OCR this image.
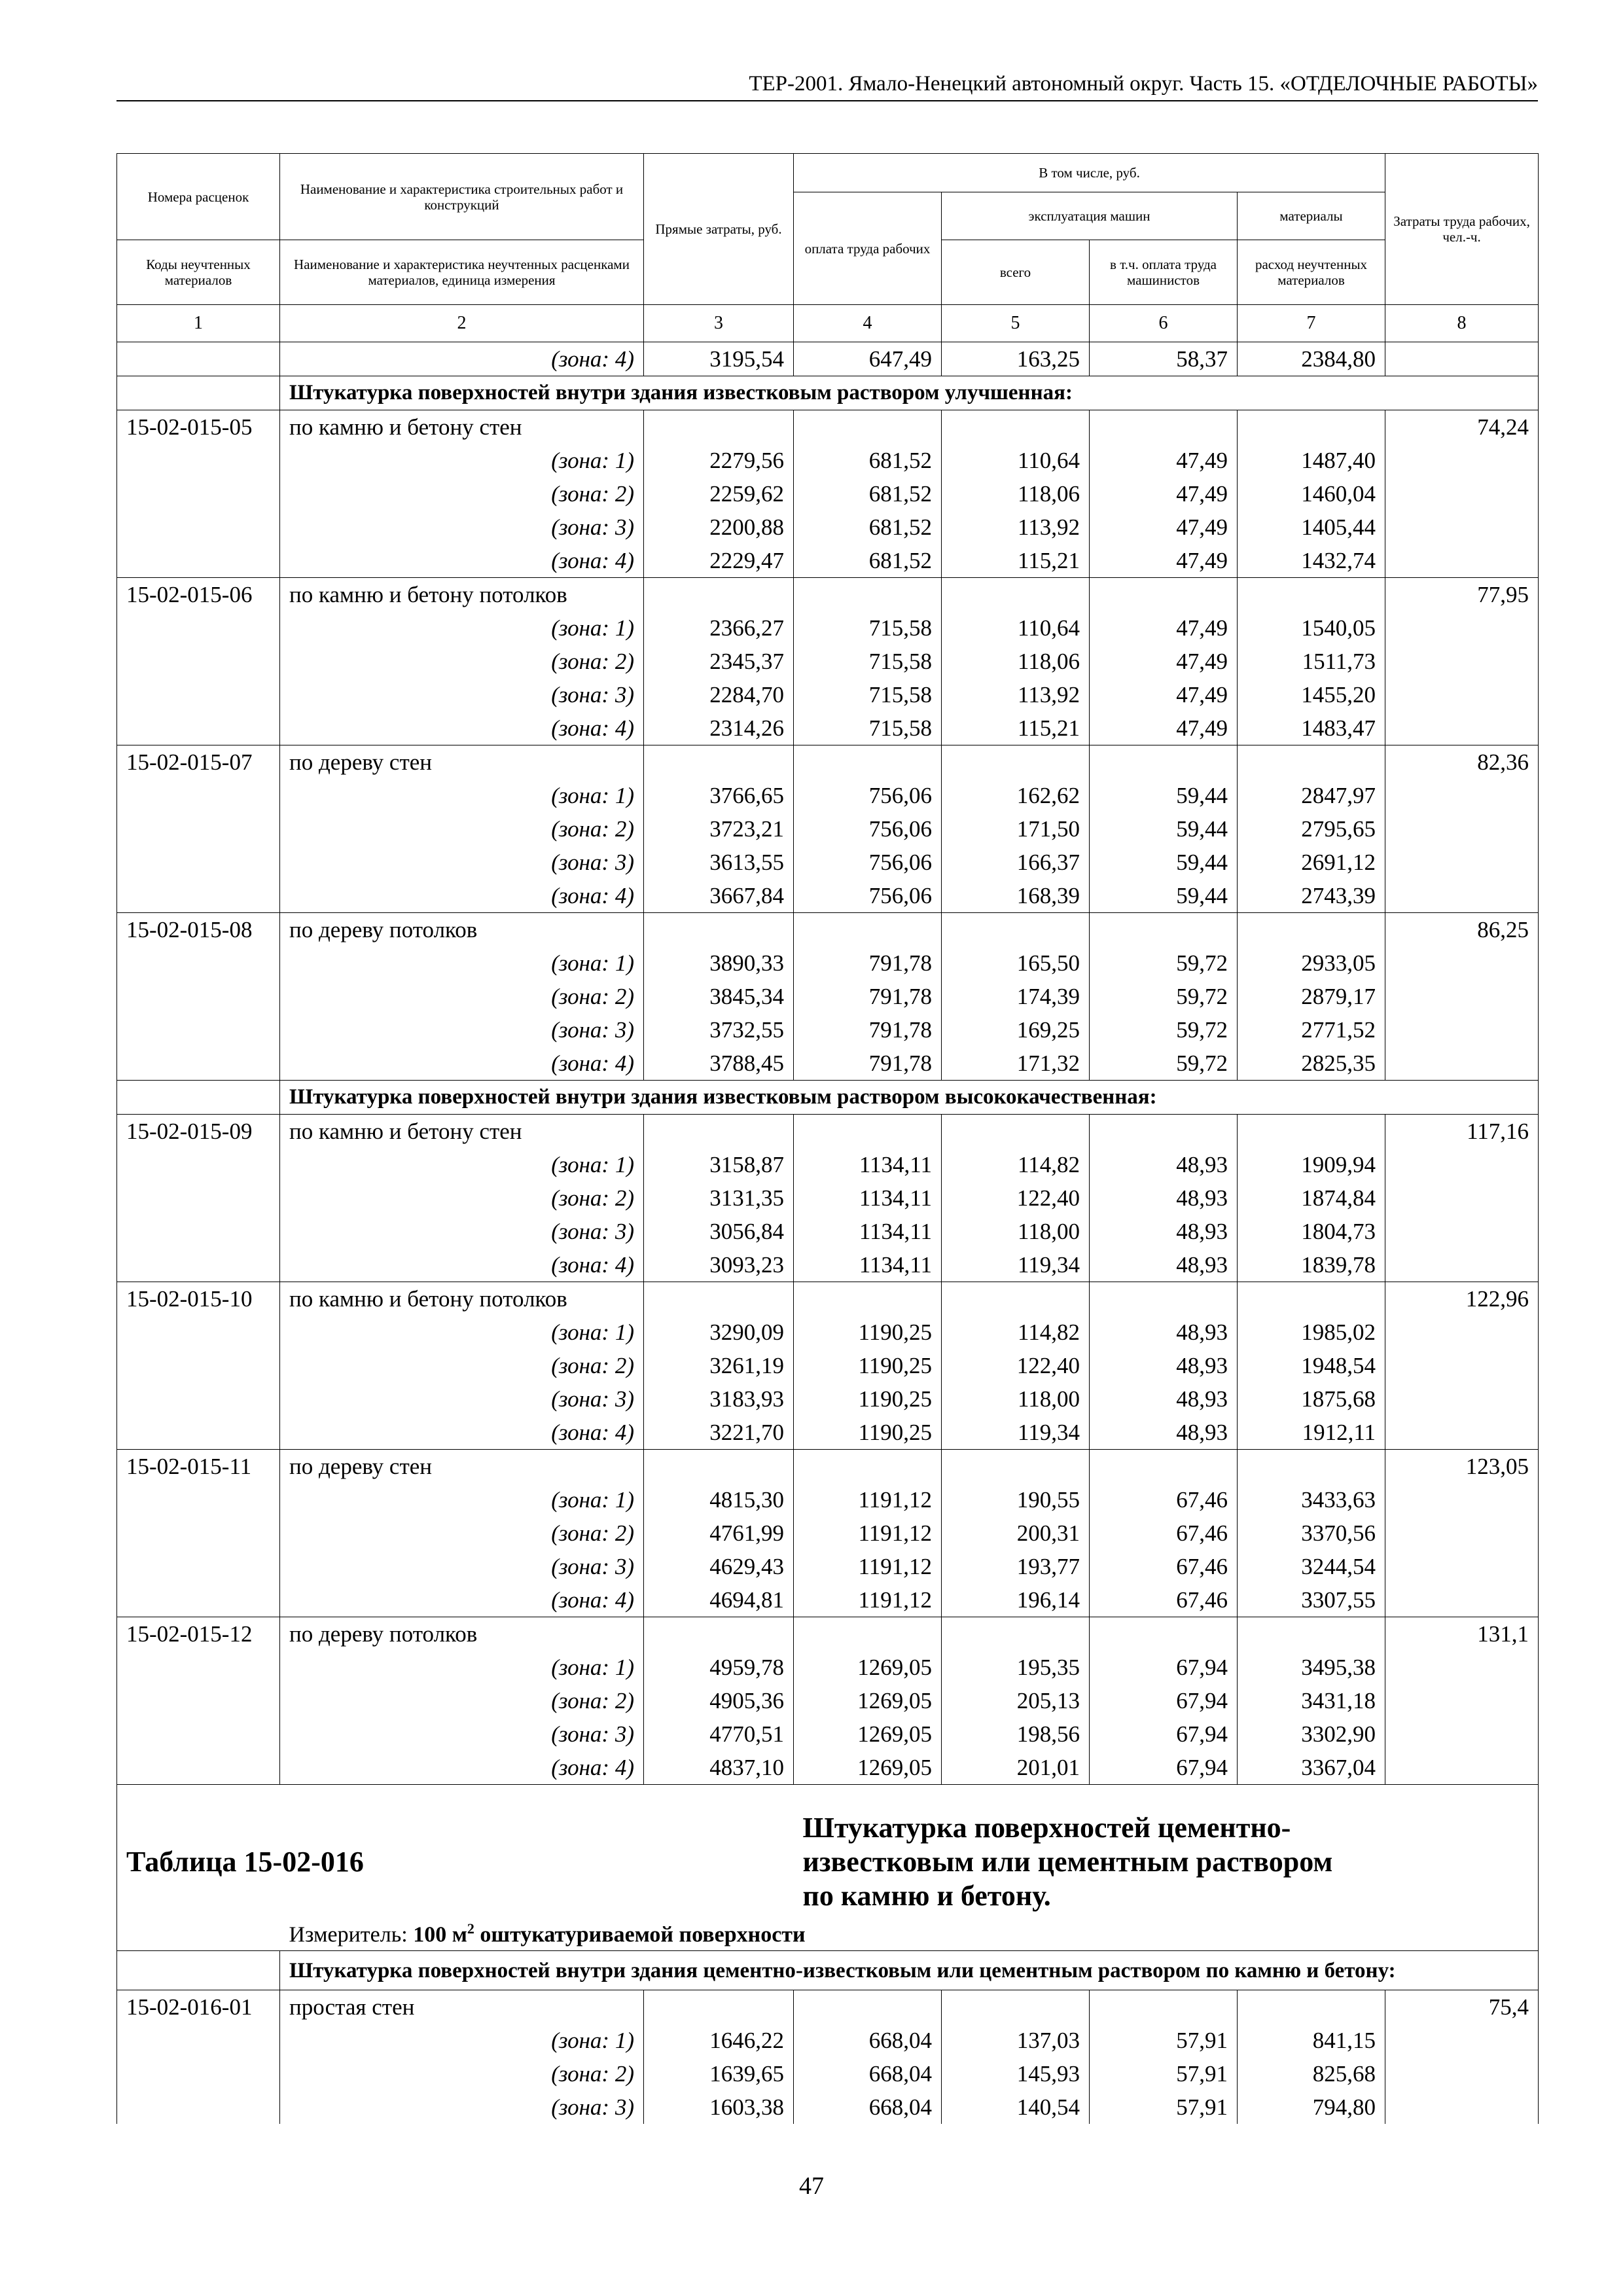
ТЕР-2001. Ямало-Ненецкий автономный округ. Часть 15. «ОТДЕЛОЧНЫЕ РАБОТЫ»
Номера расценок	Наименование и характеристика строительных работ и конструкций	Прямые затраты, руб.	В том числе, руб.				Затраты труда рабочих, чел.-ч.
			оплата труда рабочих	эксплуатация машин		материалы	
Коды неучтенных материалов	Наименование и характеристика неучтенных расценками материалов, единица измерения			всего	в т.ч. оплата труда машинистов	расход неучтенных материалов	
1	2	3	4	5	6	7	8
	(зона: 4)	3195,54	647,49	163,25	58,37	2384,80	
	Штукатурка поверхностей внутри здания известковым раствором улучшенная:						
15-02-015-05	по камню и бетону стен						74,24
	(зона: 1)	2279,56	681,52	110,64	47,49	1487,40	
	(зона: 2)	2259,62	681,52	118,06	47,49	1460,04	
	(зона: 3)	2200,88	681,52	113,92	47,49	1405,44	
	(зона: 4)	2229,47	681,52	115,21	47,49	1432,74	
15-02-015-06	по камню и бетону потолков						77,95
	(зона: 1)	2366,27	715,58	110,64	47,49	1540,05	
	(зона: 2)	2345,37	715,58	118,06	47,49	1511,73	
	(зона: 3)	2284,70	715,58	113,92	47,49	1455,20	
	(зона: 4)	2314,26	715,58	115,21	47,49	1483,47	
15-02-015-07	по дереву стен						82,36
	(зона: 1)	3766,65	756,06	162,62	59,44	2847,97	
	(зона: 2)	3723,21	756,06	171,50	59,44	2795,65	
	(зона: 3)	3613,55	756,06	166,37	59,44	2691,12	
	(зона: 4)	3667,84	756,06	168,39	59,44	2743,39	
15-02-015-08	по дереву потолков						86,25
	(зона: 1)	3890,33	791,78	165,50	59,72	2933,05	
	(зона: 2)	3845,34	791,78	174,39	59,72	2879,17	
	(зона: 3)	3732,55	791,78	169,25	59,72	2771,52	
	(зона: 4)	3788,45	791,78	171,32	59,72	2825,35	
	Штукатурка поверхностей внутри здания известковым раствором высококачественная:						
15-02-015-09	по камню и бетону стен						117,16
	(зона: 1)	3158,87	1134,11	114,82	48,93	1909,94	
	(зона: 2)	3131,35	1134,11	122,40	48,93	1874,84	
	(зона: 3)	3056,84	1134,11	118,00	48,93	1804,73	
	(зона: 4)	3093,23	1134,11	119,34	48,93	1839,78	
15-02-015-10	по камню и бетону потолков						122,96
	(зона: 1)	3290,09	1190,25	114,82	48,93	1985,02	
	(зона: 2)	3261,19	1190,25	122,40	48,93	1948,54	
	(зона: 3)	3183,93	1190,25	118,00	48,93	1875,68	
	(зона: 4)	3221,70	1190,25	119,34	48,93	1912,11	
15-02-015-11	по дереву стен						123,05
	(зона: 1)	4815,30	1191,12	190,55	67,46	3433,63	
	(зона: 2)	4761,99	1191,12	200,31	67,46	3370,56	
	(зона: 3)	4629,43	1191,12	193,77	67,46	3244,54	
	(зона: 4)	4694,81	1191,12	196,14	67,46	3307,55	
15-02-015-12	по дереву потолков						131,1
	(зона: 1)	4959,78	1269,05	195,35	67,94	3495,38	
	(зона: 2)	4905,36	1269,05	205,13	67,94	3431,18	
	(зона: 3)	4770,51	1269,05	198,56	67,94	3302,90	
	(зона: 4)	4837,10	1269,05	201,01	67,94	3367,04	
Таблица 15-02-016			Штукатурка поверхностей цементно-известковым или цементным раствором по камню и бетону.				
	Измеритель: 100 $м^2$ оштукатуриваемой поверхности						
	Штукатурка поверхностей внутри здания цементно-известковым или цементным раствором по камню и бетону:						
15-02-016-01	простая стен						75,4
	(зона: 1)	1646,22	668,04	137,03	57,91	841,15	
	(зона: 2)	1639,65	668,04	145,93	57,91	825,68	
	(зона: 3)	1603,38	668,04	140,54	57,91	794,80	
47
